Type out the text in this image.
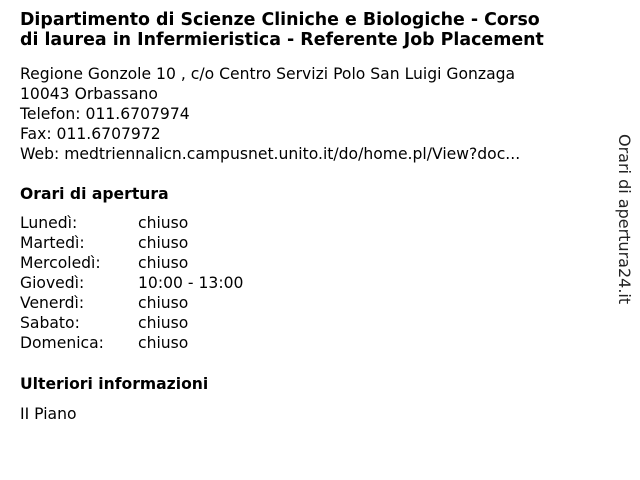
Dipartimento di Scienze Cliniche e Biologiche - Corso
di laurea in Infermieristica - Referente Job Placement
Regione Gonzole 10 , c/o Centro Servizi Polo San Luigi Gonzaga
10043 Orbassano
Telefon: 011.6707974
Fax: 011.6707972
Web: medtriennalicn.campusnet.unito.it/do/home.pl/View?doc...
Orari di apertura
Lunedì:	chiuso
Martedì:	chiuso
Mercoledì:	chiuso
Giovedì:	10:00 - 13:00
Venerdì:	chiuso
Sabato:	chiuso
Domenica:	chiuso
Ulteriori informazioni
II Piano
Orari di apertura24.it
